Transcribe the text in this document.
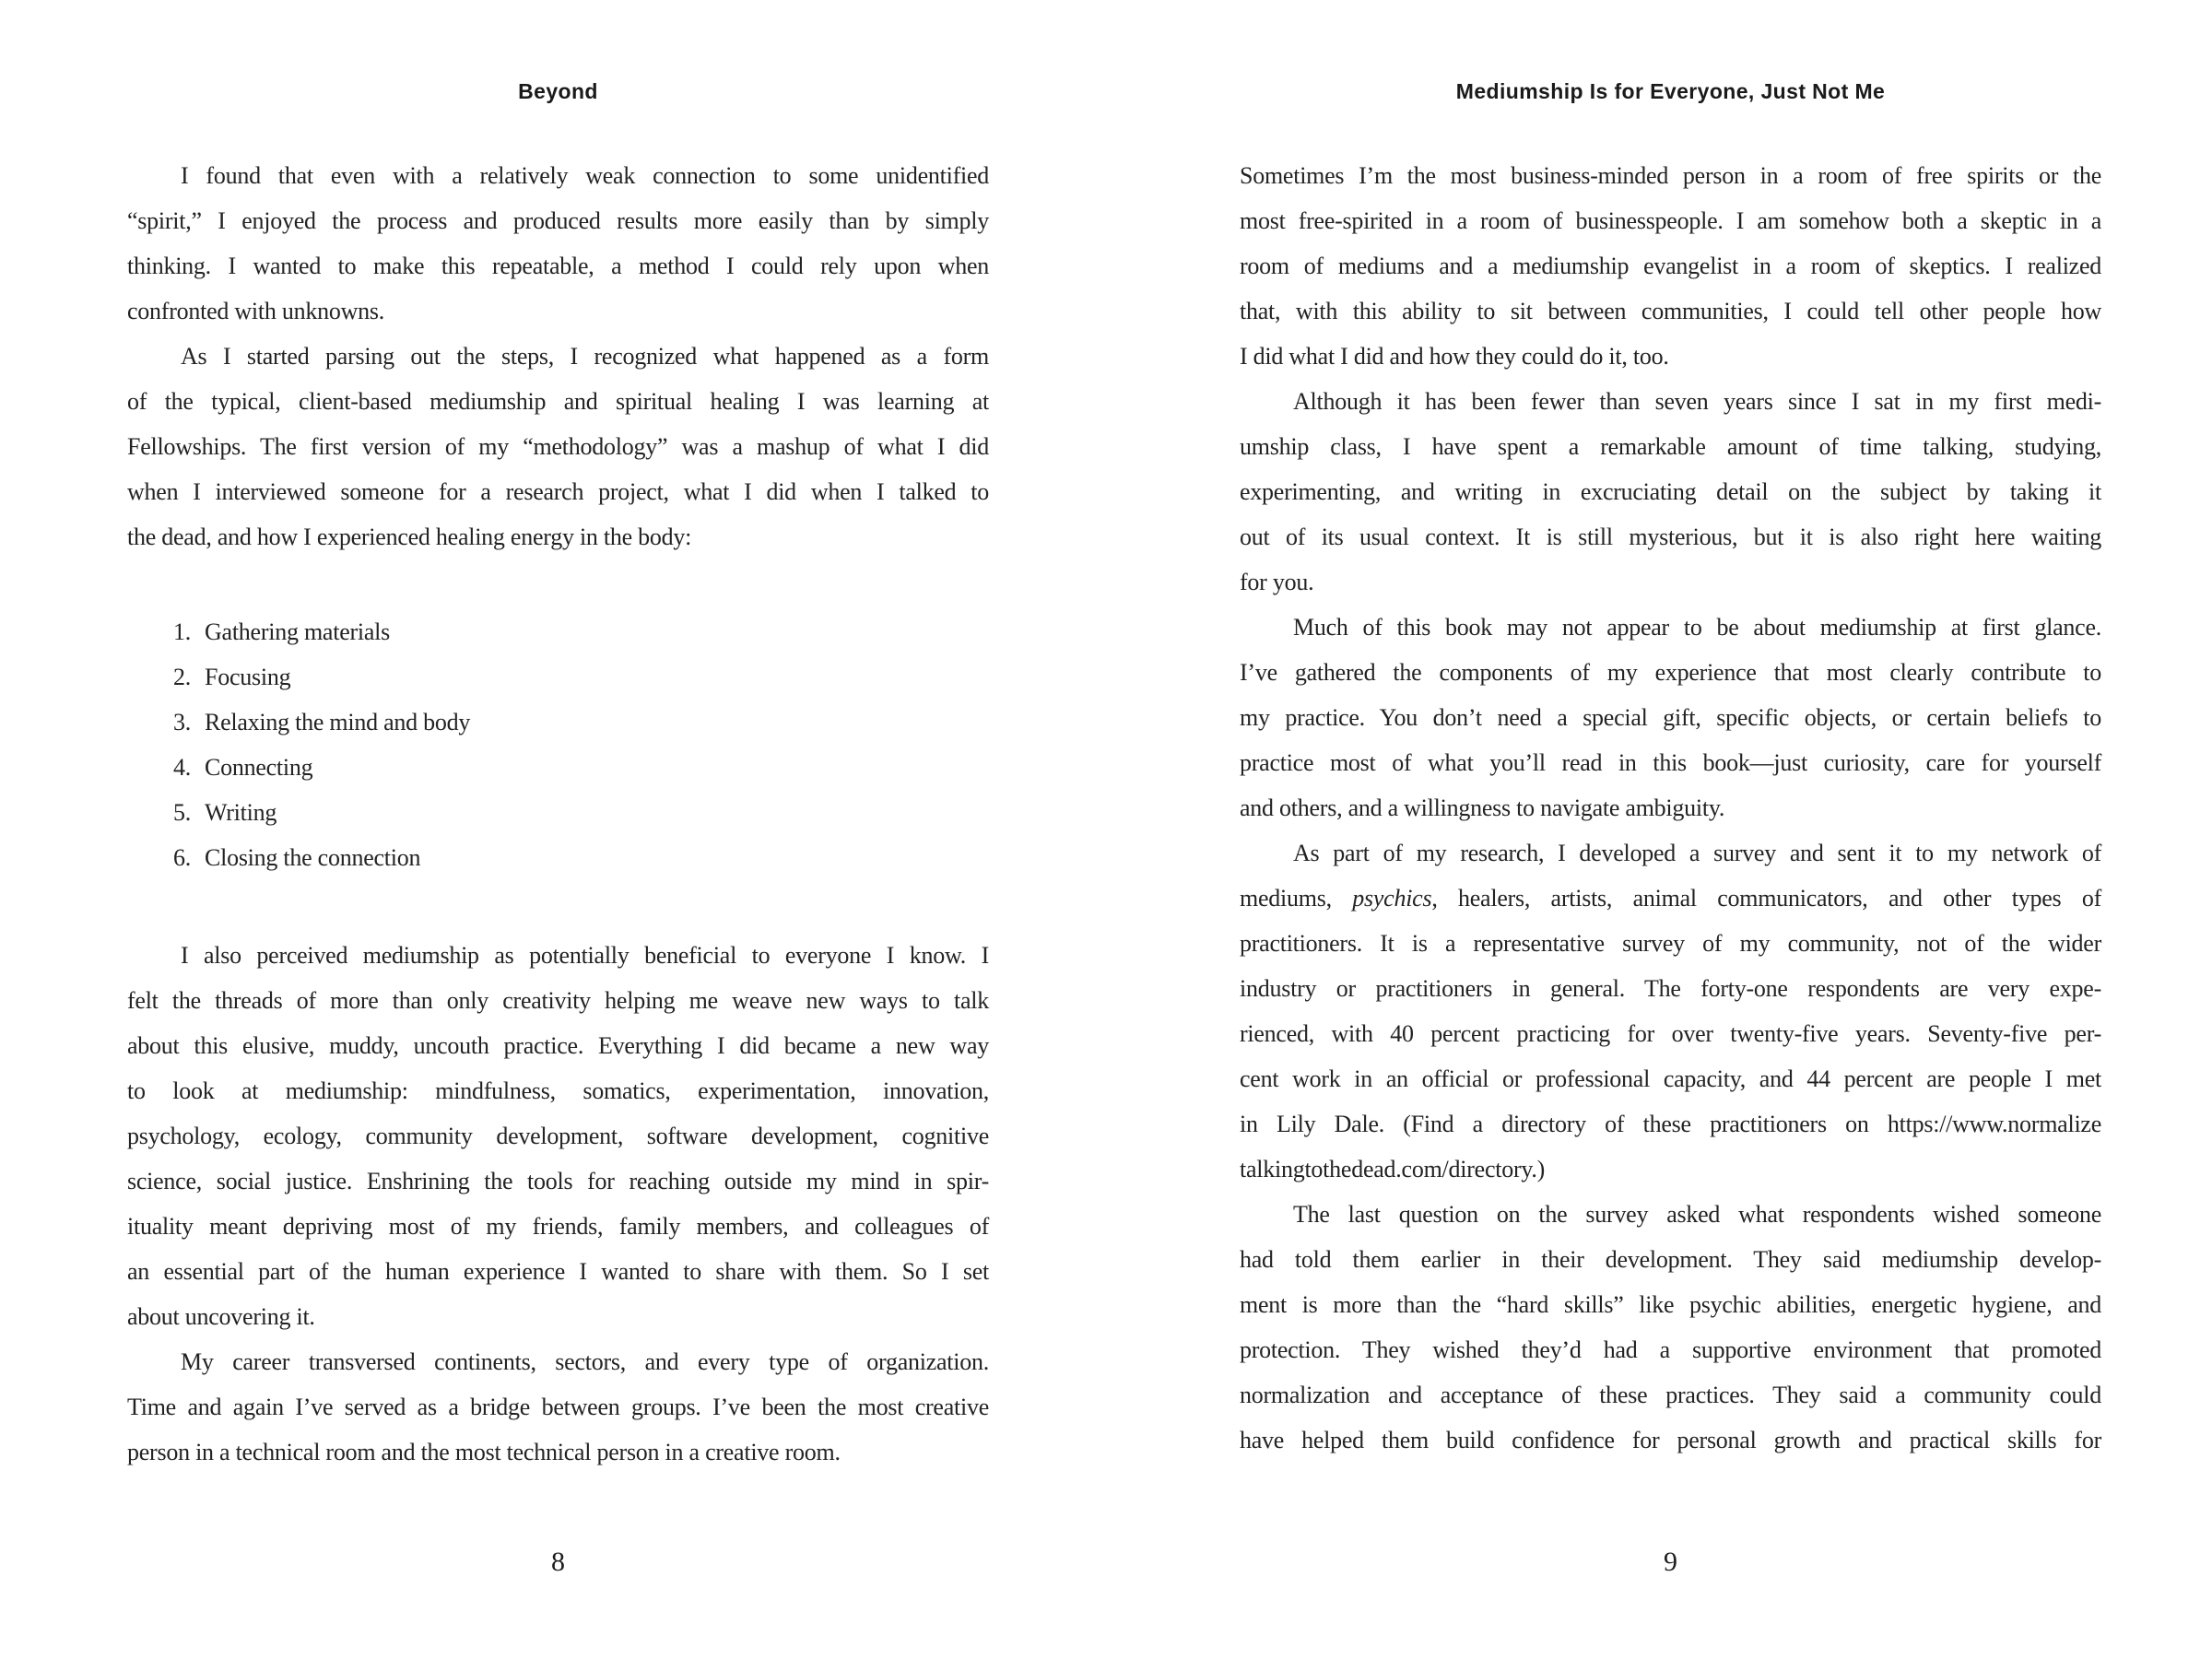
Beyond
I found that even with a relatively weak connection to some unidentified
“spirit,” I enjoyed the process and produced results more easily than by simply
thinking. I wanted to make this repeatable, a method I could rely upon when
confronted with unknowns.
As I started parsing out the steps, I recognized what happened as a form
of the typical, client-based mediumship and spiritual healing I was learning at
Fellowships. The first version of my “methodology” was a mashup of what I did
when I interviewed someone for a research project, what I did when I talked to
the dead, and how I experienced healing energy in the body:
1. Gathering materials
2. Focusing
3. Relaxing the mind and body
4. Connecting
5. Writing
6. Closing the connection
I also perceived mediumship as potentially beneficial to everyone I know. I
felt the threads of more than only creativity helping me weave new ways to talk
about this elusive, muddy, uncouth practice. Everything I did became a new way
to look at mediumship: mindfulness, somatics, experimentation, innovation,
psychology, ecology, community development, software development, cognitive
science, social justice. Enshrining the tools for reaching outside my mind in spir-
ituality meant depriving most of my friends, family members, and colleagues of
an essential part of the human experience I wanted to share with them. So I set
about uncovering it.
My career transversed continents, sectors, and every type of organization.
Time and again I’ve served as a bridge between groups. I’ve been the most creative
person in a technical room and the most technical person in a creative room.
8
Mediumship Is for Everyone, Just Not Me
Sometimes I’m the most business-minded person in a room of free spirits or the
most free-spirited in a room of businesspeople. I am somehow both a skeptic in a
room of mediums and a mediumship evangelist in a room of skeptics. I realized
that, with this ability to sit between communities, I could tell other people how
I did what I did and how they could do it, too.
Although it has been fewer than seven years since I sat in my first medi-
umship class, I have spent a remarkable amount of time talking, studying,
experimenting, and writing in excruciating detail on the subject by taking it
out of its usual context. It is still mysterious, but it is also right here waiting
for you.
Much of this book may not appear to be about mediumship at first glance.
I’ve gathered the components of my experience that most clearly contribute to
my practice. You don’t need a special gift, specific objects, or certain beliefs to
practice most of what you’ll read in this book—just curiosity, care for yourself
and others, and a willingness to navigate ambiguity.
As part of my research, I developed a survey and sent it to my network of
mediums, psychics, healers, artists, animal communicators, and other types of
practitioners. It is a representative survey of my community, not of the wider
industry or practitioners in general. The forty-one respondents are very expe-
rienced, with 40 percent practicing for over twenty-five years. Seventy-five per-
cent work in an official or professional capacity, and 44 percent are people I met
in Lily Dale. (Find a directory of these practitioners on https://www.normalize
talkingtothedead.com/directory.)
The last question on the survey asked what respondents wished someone
had told them earlier in their development. They said mediumship develop-
ment is more than the “hard skills” like psychic abilities, energetic hygiene, and
protection. They wished they’d had a supportive environment that promoted
normalization and acceptance of these practices. They said a community could
have helped them build confidence for personal growth and practical skills for
9
